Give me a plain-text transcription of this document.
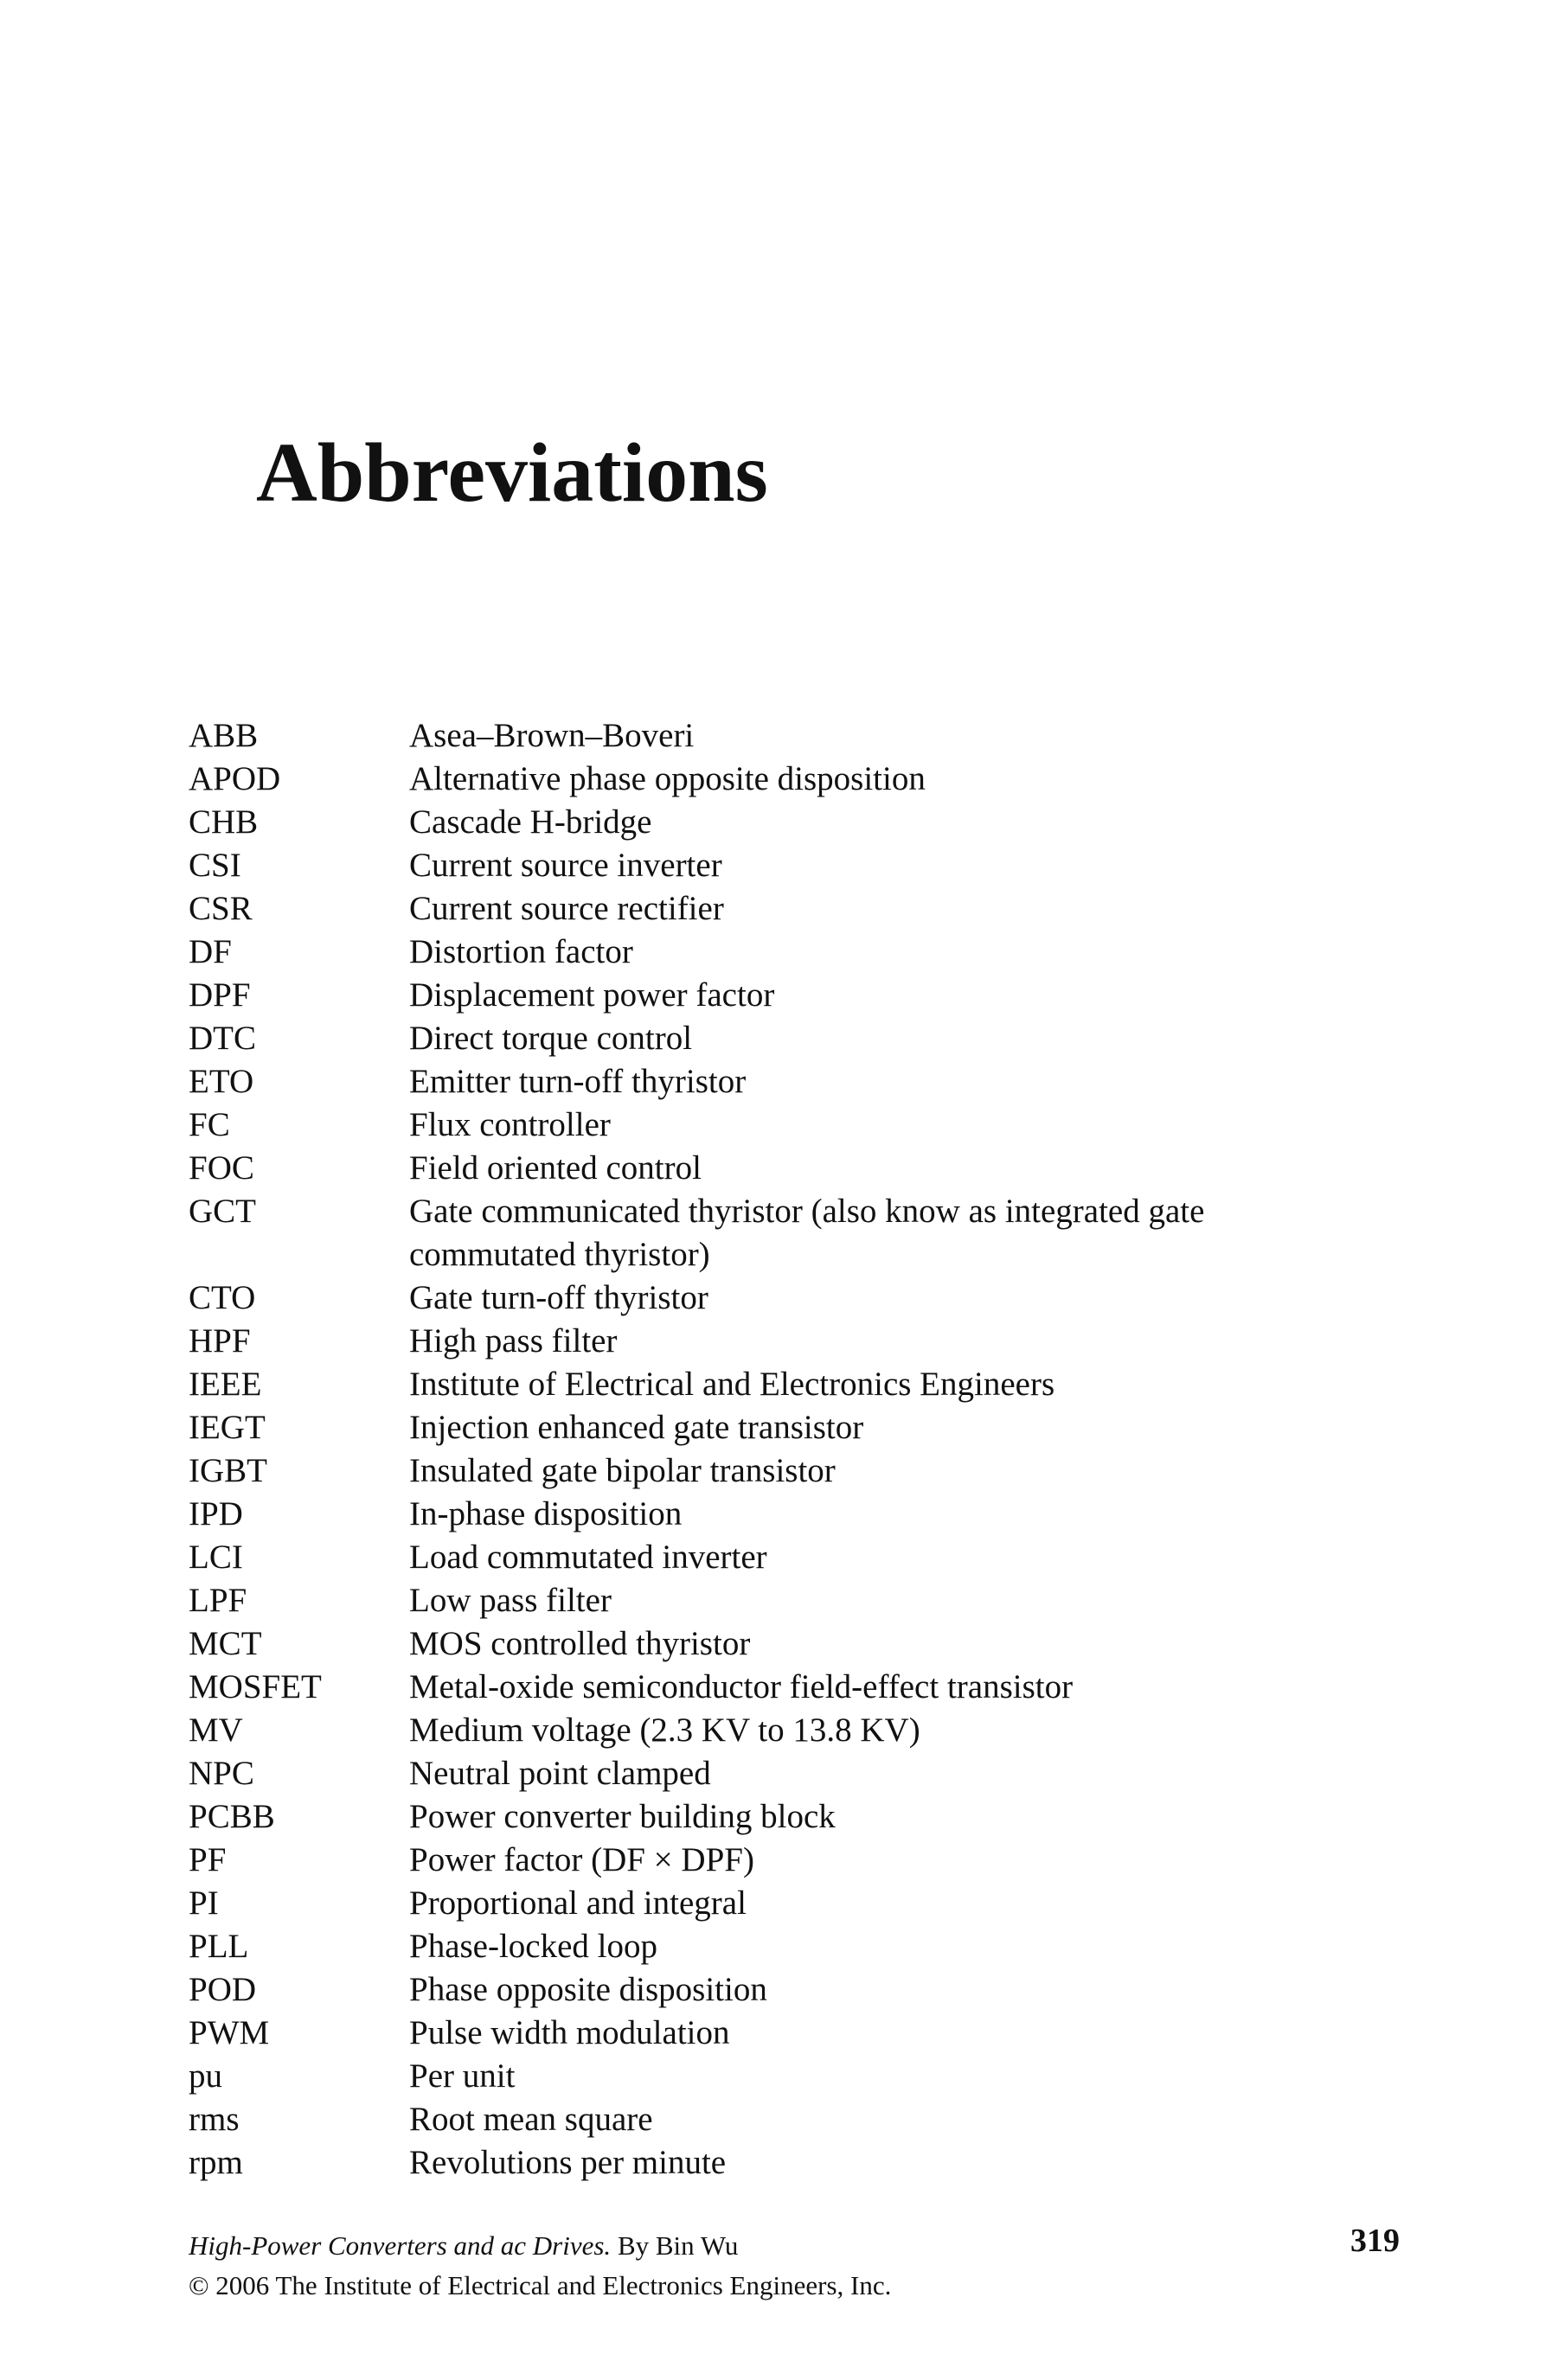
Abbreviations
ABB	Asea–Brown–Boveri
APOD	Alternative phase opposite disposition
CHB	Cascade H-bridge
CSI	Current source inverter
CSR	Current source rectifier
DF	Distortion factor
DPF	Displacement power factor
DTC	Direct torque control
ETO	Emitter turn-off thyristor
FC	Flux controller
FOC	Field oriented control
GCT	Gate communicated thyristor (also know as integrated gate commutated thyristor)
CTO	Gate turn-off thyristor
HPF	High pass filter
IEEE	Institute of Electrical and Electronics Engineers
IEGT	Injection enhanced gate transistor
IGBT	Insulated gate bipolar transistor
IPD	In-phase disposition
LCI	Load commutated inverter
LPF	Low pass filter
MCT	MOS controlled thyristor
MOSFET	Metal-oxide semiconductor field-effect transistor
MV	Medium voltage (2.3 KV to 13.8 KV)
NPC	Neutral point clamped
PCBB	Power converter building block
PF	Power factor (DF × DPF)
PI	Proportional and integral
PLL	Phase-locked loop
POD	Phase opposite disposition
PWM	Pulse width modulation
pu	Per unit
rms	Root mean square
rpm	Revolutions per minute
High-Power Converters and ac Drives. By Bin Wu	319
© 2006 The Institute of Electrical and Electronics Engineers, Inc.
